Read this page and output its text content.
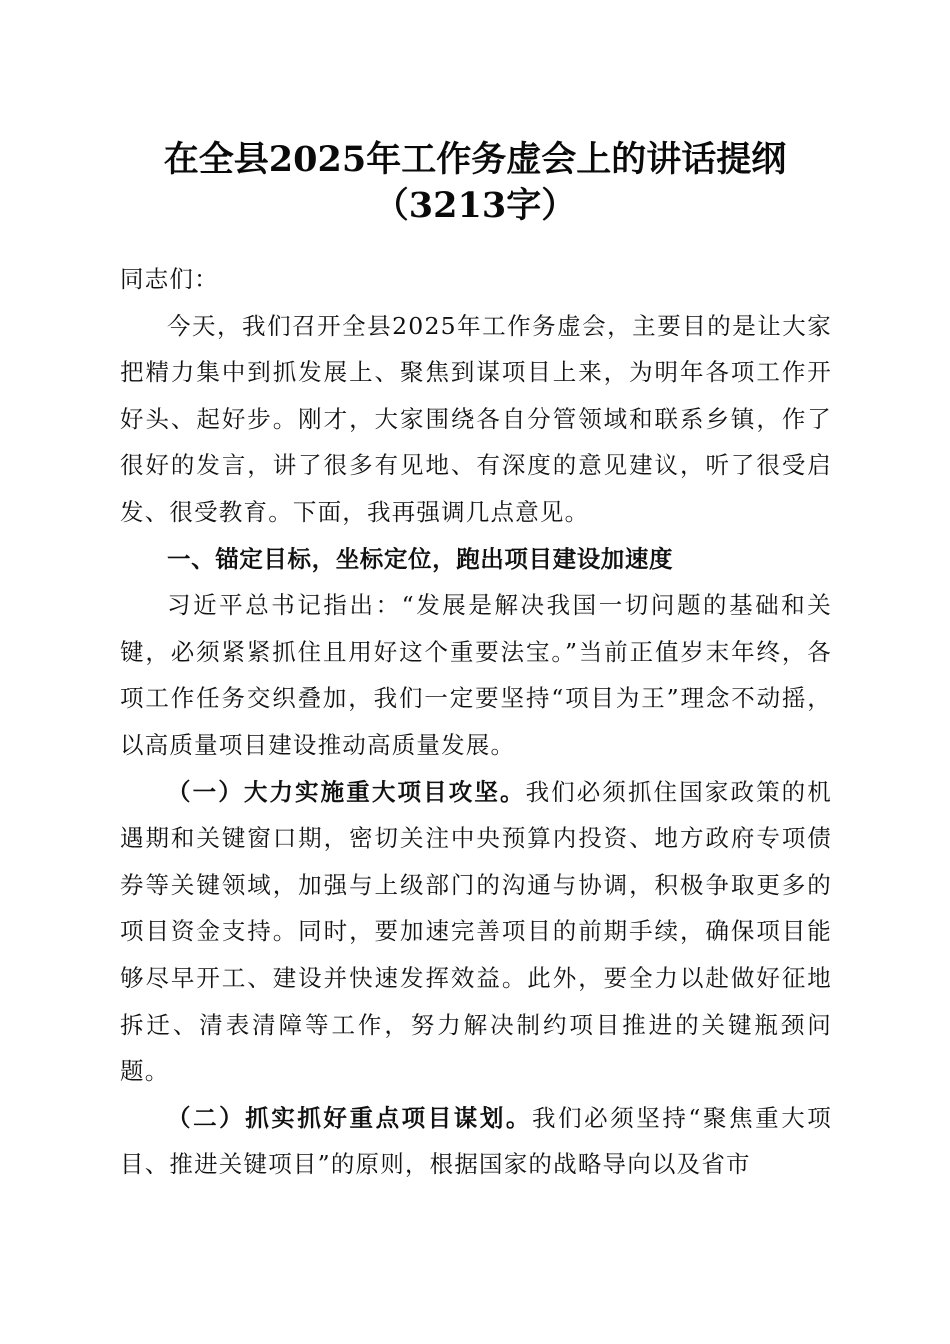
在全县2025年工作务虚会上的讲话提纲
（3213字）

同志们：

今天，我们召开全县2025年工作务虚会，主要目的是让大家把精力集中到抓发展上、聚焦到谋项目上来，为明年各项工作开好头、起好步。刚才，大家围绕各自分管领域和联系乡镇，作了很好的发言，讲了很多有见地、有深度的意见建议，听了很受启发、很受教育。下面，我再强调几点意见。

一、锚定目标，坐标定位，跑出项目建设加速度

习近平总书记指出：“发展是解决我国一切问题的基础和关键，必须紧紧抓住且用好这个重要法宝。”当前正值岁末年终，各项工作任务交织叠加，我们一定要坚持“项目为王”理念不动摇，以高质量项目建设推动高质量发展。

（一）大力实施重大项目攻坚。我们必须抓住国家政策的机遇期和关键窗口期，密切关注中央预算内投资、地方政府专项债券等关键领域，加强与上级部门的沟通与协调，积极争取更多的项目资金支持。同时，要加速完善项目的前期手续，确保项目能够尽早开工、建设并快速发挥效益。此外，要全力以赴做好征地拆迁、清表清障等工作，努力解决制约项目推进的关键瓶颈问题。

（二）抓实抓好重点项目谋划。我们必须坚持“聚焦重大项目、推进关键项目”的原则，根据国家的战略导向以及省市
